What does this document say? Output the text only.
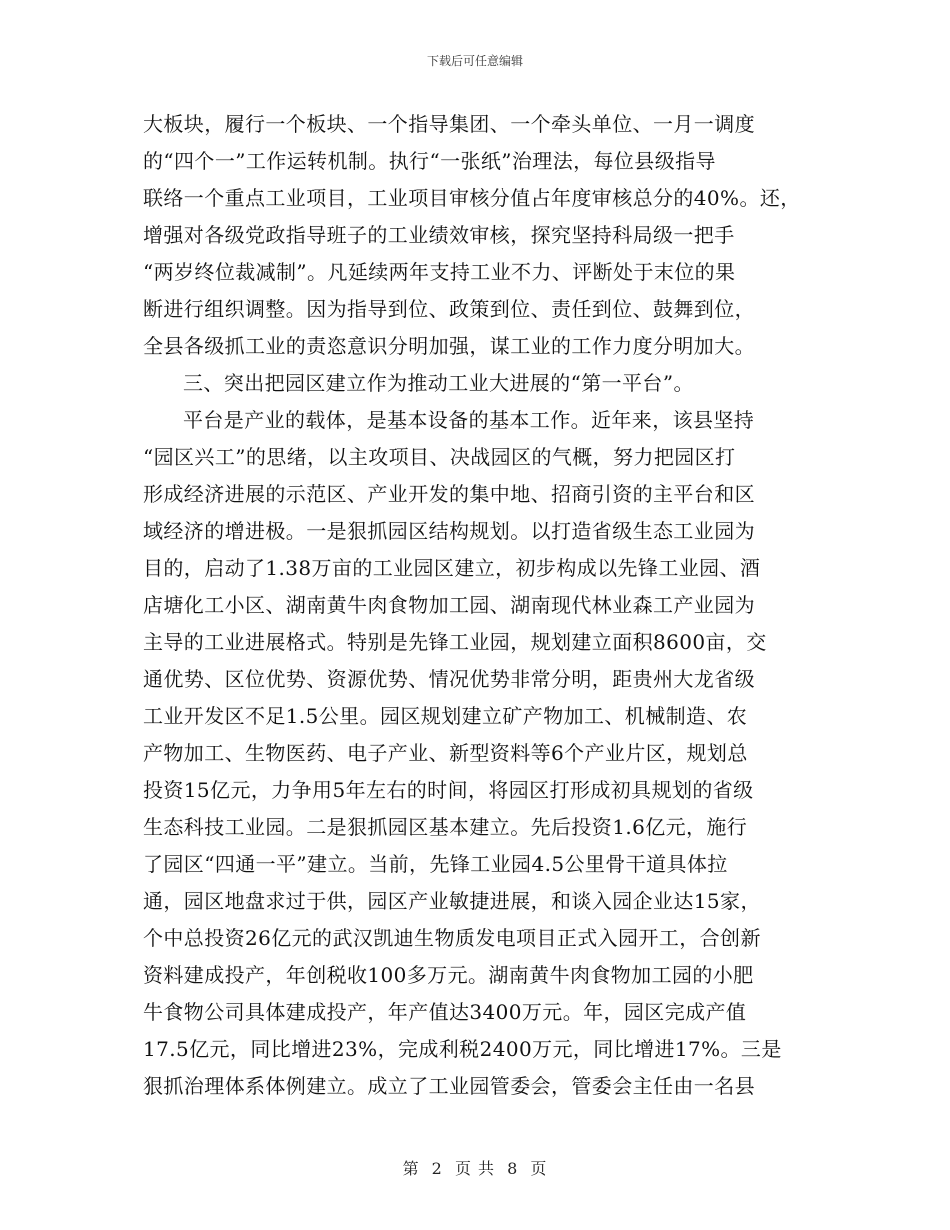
下载后可任意编辑
大板块，履行一个板块、一个指导集团、一个牵头单位、一月一调度
的“四个一”工作运转机制。执行“一张纸”治理法，每位县级指导
联络一个重点工业项目，工业项目审核分值占年度审核总分的40%。还，
增强对各级党政指导班子的工业绩效审核，探究坚持科局级一把手
“两岁终位裁减制”。凡延续两年支持工业不力、评断处于末位的果
断进行组织调整。因为指导到位、政策到位、责任到位、鼓舞到位，
全县各级抓工业的责恣意识分明加强，谋工业的工作力度分明加大。
三、突出把园区建立作为推动工业大进展的“第一平台”。
平台是产业的载体，是基本设备的基本工作。近年来，该县坚持
“园区兴工”的思绪，以主攻项目、决战园区的气概，努力把园区打
形成经济进展的示范区、产业开发的集中地、招商引资的主平台和区
域经济的增进极。一是狠抓园区结构规划。以打造省级生态工业园为
目的，启动了1.38万亩的工业园区建立，初步构成以先锋工业园、酒
店塘化工小区、湖南黄牛肉食物加工园、湖南现代林业森工产业园为
主导的工业进展格式。特别是先锋工业园，规划建立面积8600亩，交
通优势、区位优势、资源优势、情况优势非常分明，距贵州大龙省级
工业开发区不足1.5公里。园区规划建立矿产物加工、机械制造、农
产物加工、生物医药、电子产业、新型资料等6个产业片区，规划总
投资15亿元，力争用5年左右的时间，将园区打形成初具规划的省级
生态科技工业园。二是狠抓园区基本建立。先后投资1.6亿元，施行
了园区“四通一平”建立。当前，先锋工业园4.5公里骨干道具体拉
通，园区地盘求过于供，园区产业敏捷进展，和谈入园企业达15家，
个中总投资26亿元的武汉凯迪生物质发电项目正式入园开工，合创新
资料建成投产，年创税收100多万元。湖南黄牛肉食物加工园的小肥
牛食物公司具体建成投产，年产值达3400万元。年，园区完成产值
17.5亿元，同比增进23%，完成利税2400万元，同比增进17%。三是
狠抓治理体系体例建立。成立了工业园管委会，管委会主任由一名县
第 2 页 共 8 页
